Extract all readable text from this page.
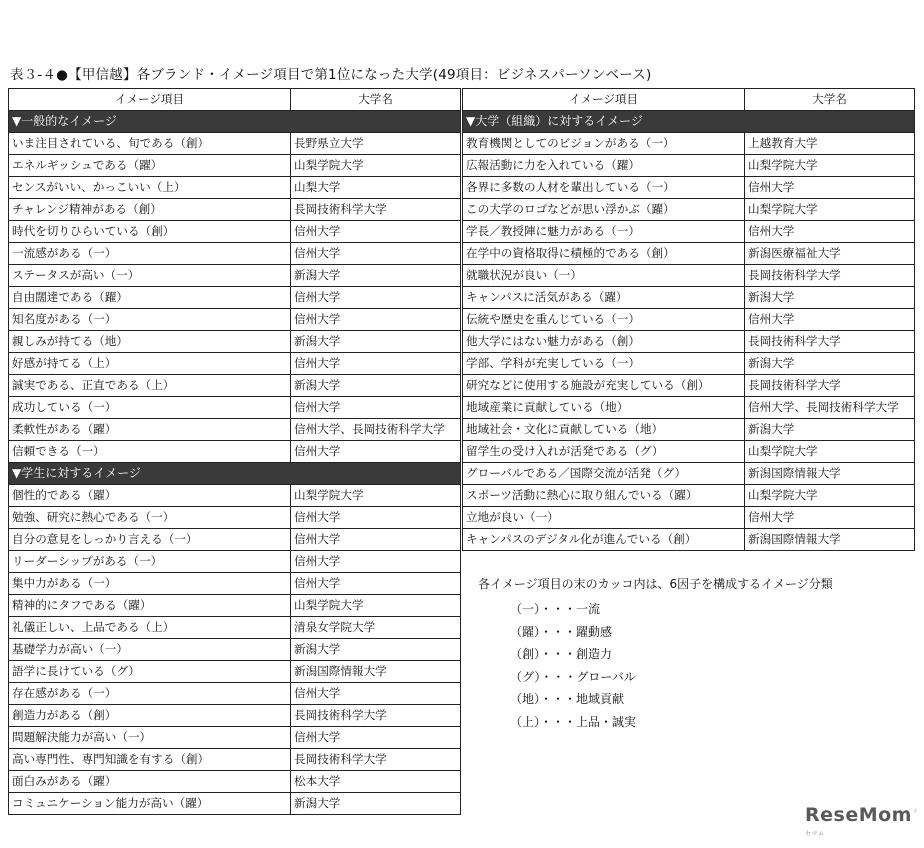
表３-４●【甲信越】各ブランド・イメージ項目で第1位になった大学(49項目：ビジネスパーソンベース)
イメージ項目	大学名
▼一般的なイメージ	
いま注目されている、旬である（創）	長野県立大学
エネルギッシュである（躍）	山梨学院大学
センスがいい、かっこいい（上）	山梨大学
チャレンジ精神がある（創）	長岡技術科学大学
時代を切りひらいている（創）	信州大学
一流感がある（一）	信州大学
ステータスが高い（一）	新潟大学
自由闊達である（躍）	信州大学
知名度がある（一）	信州大学
親しみが持てる（地）	新潟大学
好感が持てる（上）	信州大学
誠実である、正直である（上）	新潟大学
成功している（一）	信州大学
柔軟性がある（躍）	信州大学、長岡技術科学大学
信頼できる（一）	信州大学
▼学生に対するイメージ	
個性的である（躍）	山梨学院大学
勉強、研究に熱心である（一）	信州大学
自分の意見をしっかり言える（一）	信州大学
リーダーシップがある（一）	信州大学
集中力がある（一）	信州大学
精神的にタフである（躍）	山梨学院大学
礼儀正しい、上品である（上）	清泉女学院大学
基礎学力が高い（一）	新潟大学
語学に長けている（グ）	新潟国際情報大学
存在感がある（一）	信州大学
創造力がある（創）	長岡技術科学大学
問題解決能力が高い（一）	信州大学
高い専門性、専門知識を有する（創）	長岡技術科学大学
面白みがある（躍）	松本大学
コミュニケーション能力が高い（躍）	新潟大学
イメージ項目	大学名
▼大学（組織）に対するイメージ	
教育機関としてのビジョンがある（一）	上越教育大学
広報活動に力を入れている（躍）	山梨学院大学
各界に多数の人材を輩出している（一）	信州大学
この大学のロゴなどが思い浮かぶ（躍）	山梨学院大学
学長／教授陣に魅力がある（一）	信州大学
在学中の資格取得に積極的である（創）	新潟医療福祉大学
就職状況が良い（一）	長岡技術科学大学
キャンパスに活気がある（躍）	新潟大学
伝統や歴史を重んじている（一）	信州大学
他大学にはない魅力がある（創）	長岡技術科学大学
学部、学科が充実している（一）	新潟大学
研究などに使用する施設が充実している（創）	長岡技術科学大学
地域産業に貢献している（地）	信州大学、長岡技術科学大学
地域社会・文化に貢献している（地）	新潟大学
留学生の受け入れが活発である（グ）	山梨学院大学
グローバルである／国際交流が活発（グ）	新潟国際情報大学
スポーツ活動に熱心に取り組んでいる（躍）	山梨学院大学
立地が良い（一）	信州大学
キャンパスのデジタル化が進んでいる（創）	新潟国際情報大学
各イメージ項目の末のカッコ内は、6因子を構成するイメージ分類
（一）・・・一流
（躍）・・・躍動感
（創）・・・創造力
（グ）・・・グローバル
（地）・・・地域貢献
（上）・・・上品・誠実
ReseMom$^{リセマム}$
